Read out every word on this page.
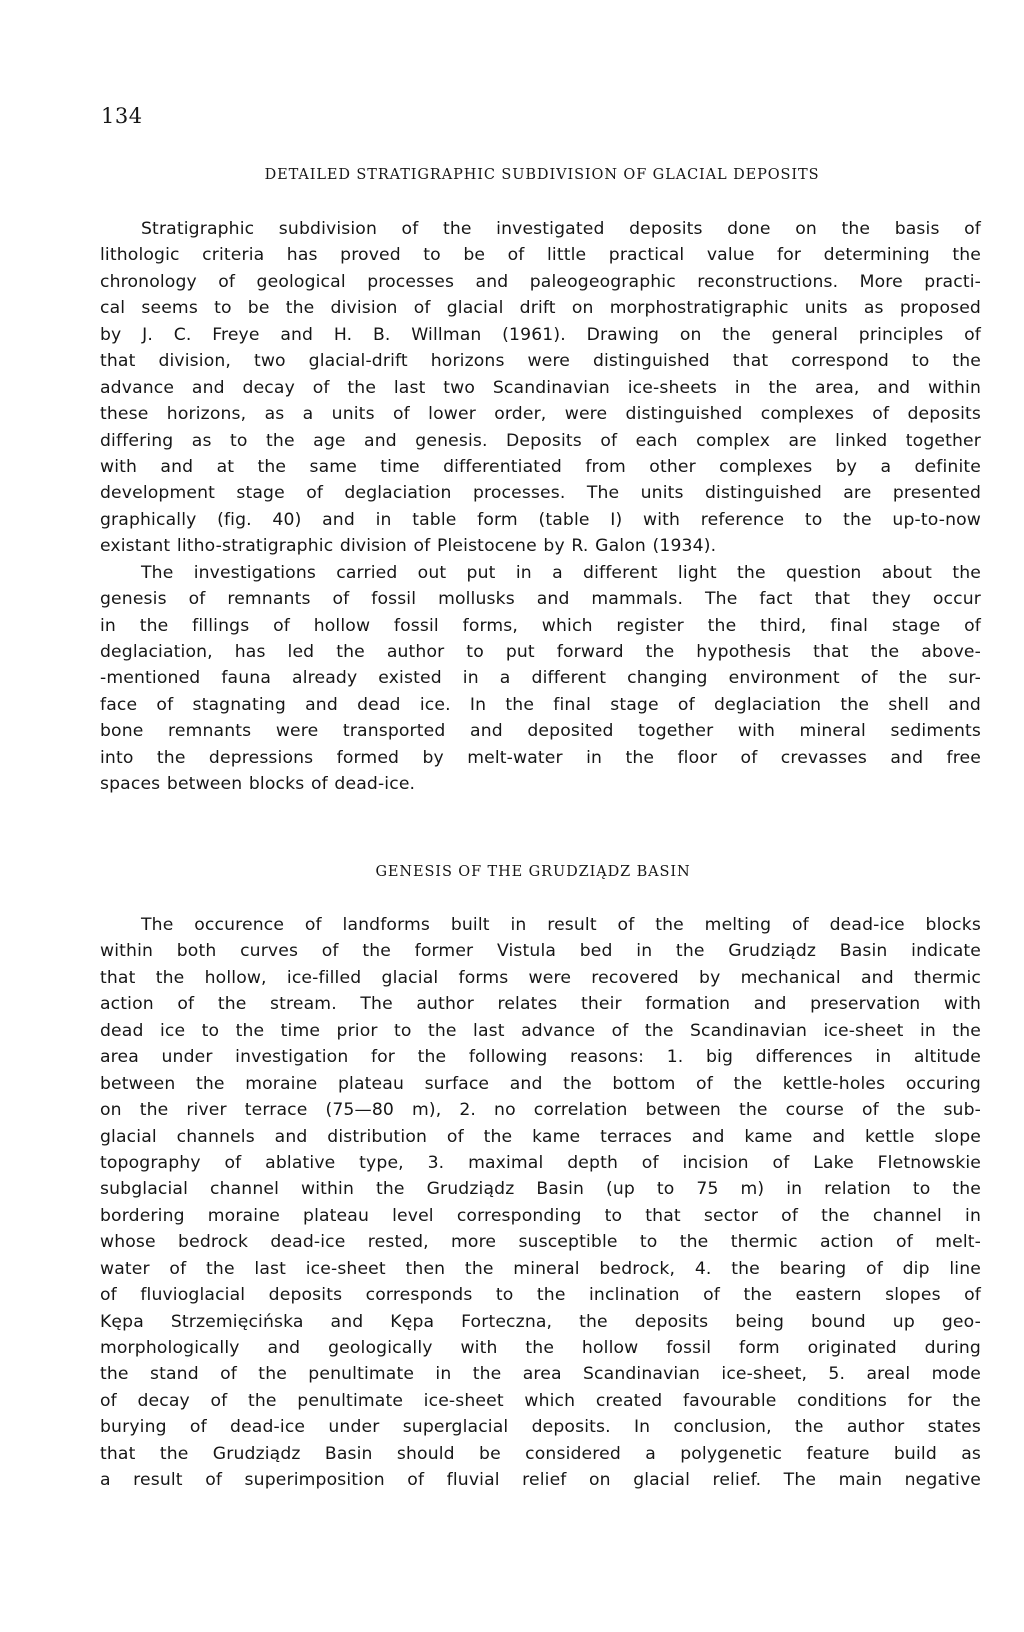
134
DETAILED STRATIGRAPHIC SUBDIVISION OF GLACIAL DEPOSITS
Stratigraphic subdivision of the investigated deposits done on the basis of
lithologic criteria has proved to be of little practical value for determining the
chronology of geological processes and paleogeographic reconstructions. More practi-
cal seems to be the division of glacial drift on morphostratigraphic units as proposed
by J. C. Freye and H. B. Willman (1961). Drawing on the general principles of
that division, two glacial-drift horizons were distinguished that correspond to the
advance and decay of the last two Scandinavian ice-sheets in the area, and within
these horizons, as a units of lower order, were distinguished complexes of deposits
differing as to the age and genesis. Deposits of each complex are linked together
with and at the same time differentiated from other complexes by a definite
development stage of deglaciation processes. The units distinguished are presented
graphically (fig. 40) and in table form (table I) with reference to the up-to-now
existant litho-stratigraphic division of Pleistocene by R. Galon (1934).
The investigations carried out put in a different light the question about the
genesis of remnants of fossil mollusks and mammals. The fact that they occur
in the fillings of hollow fossil forms, which register the third, final stage of
deglaciation, has led the author to put forward the hypothesis that the above-
-mentioned fauna already existed in a different changing environment of the sur-
face of stagnating and dead ice. In the final stage of deglaciation the shell and
bone remnants were transported and deposited together with mineral sediments
into the depressions formed by melt-water in the floor of crevasses and free
spaces between blocks of dead-ice.
GENESIS OF THE GRUDZIĄDZ BASIN
The occurence of landforms built in result of the melting of dead-ice blocks
within both curves of the former Vistula bed in the Grudziądz Basin indicate
that the hollow, ice-filled glacial forms were recovered by mechanical and thermic
action of the stream. The author relates their formation and preservation with
dead ice to the time prior to the last advance of the Scandinavian ice-sheet in the
area under investigation for the following reasons: 1. big differences in altitude
between the moraine plateau surface and the bottom of the kettle-holes occuring
on the river terrace (75—80 m), 2. no correlation between the course of the sub-
glacial channels and distribution of the kame terraces and kame and kettle slope
topography of ablative type, 3. maximal depth of incision of Lake Fletnowskie
subglacial channel within the Grudziądz Basin (up to 75 m) in relation to the
bordering moraine plateau level corresponding to that sector of the channel in
whose bedrock dead-ice rested, more susceptible to the thermic action of melt-
water of the last ice-sheet then the mineral bedrock, 4. the bearing of dip line
of fluvioglacial deposits corresponds to the inclination of the eastern slopes of
Kępa Strzemięcińska and Kępa Forteczna, the deposits being bound up geo-
morphologically and geologically with the hollow fossil form originated during
the stand of the penultimate in the area Scandinavian ice-sheet, 5. areal mode
of decay of the penultimate ice-sheet which created favourable conditions for the
burying of dead-ice under superglacial deposits. In conclusion, the author states
that the Grudziądz Basin should be considered a polygenetic feature build as
a result of superimposition of fluvial relief on glacial relief. The main negative
